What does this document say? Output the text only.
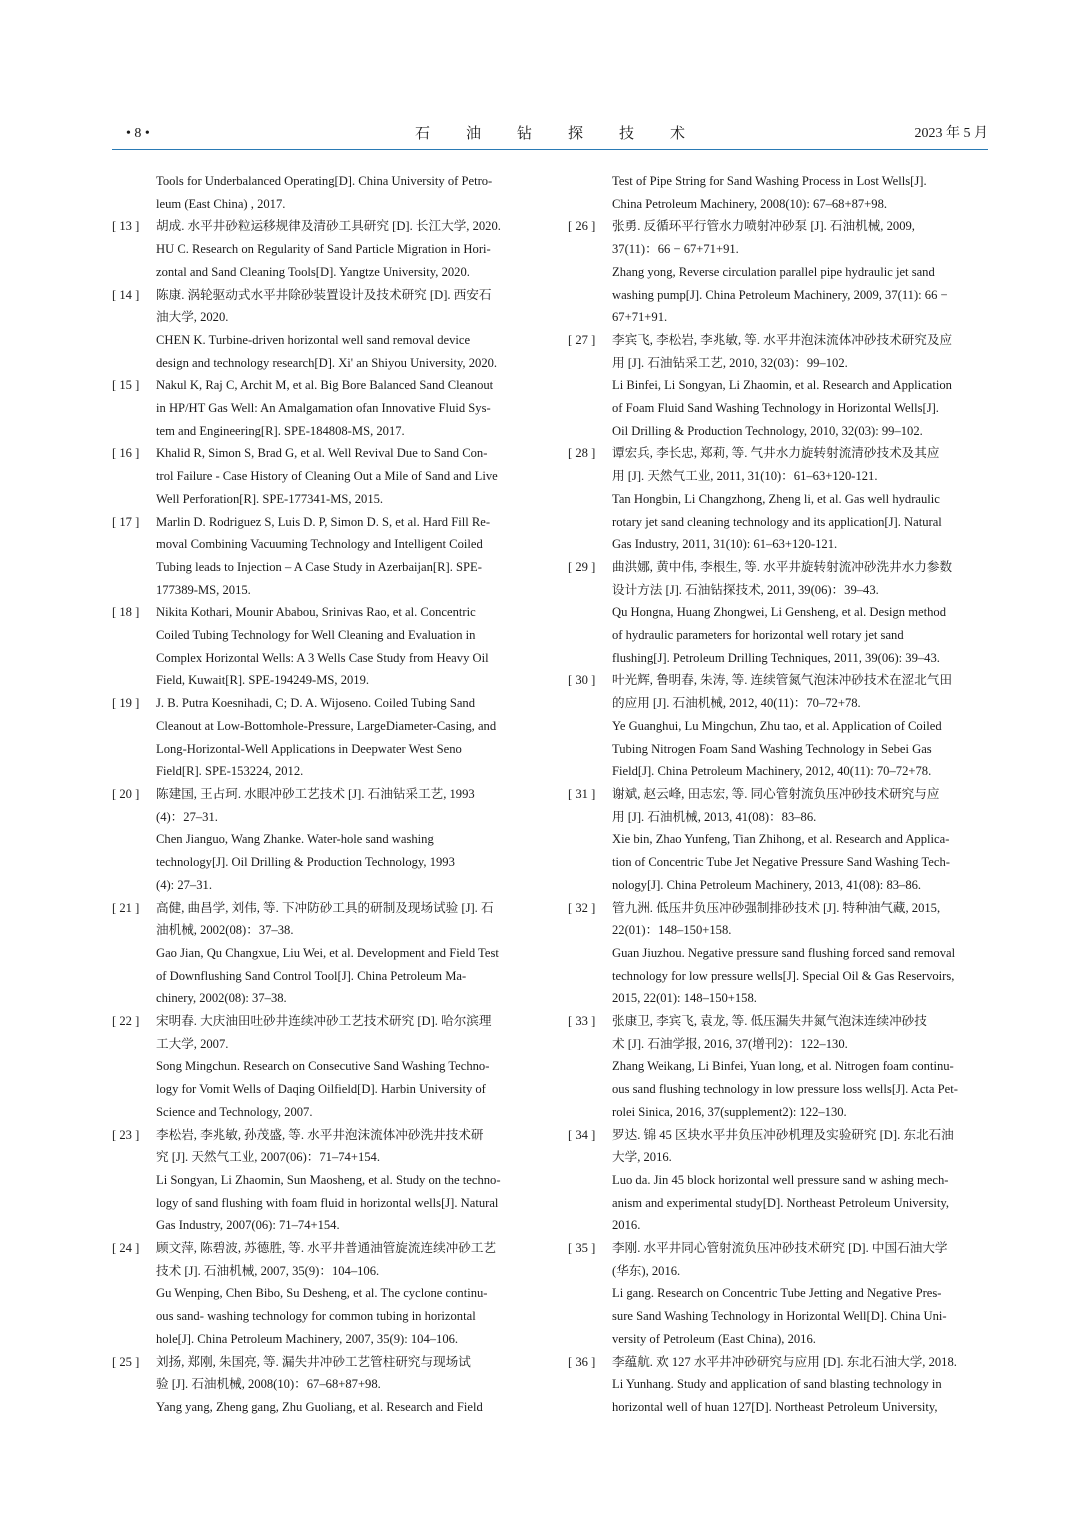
• 8 •	石油钻探技术	2023 年 5 月
Tools for Underbalanced Operating[D]. China University of Petro-
leum (East China) , 2017.
[ 13 ] 胡成. 水平井砂粒运移规律及清砂工具研究 [D]. 长江大学, 2020.
HU C. Research on Regularity of Sand Particle Migration in Hori-
zontal and Sand Cleaning Tools[D]. Yangtze University, 2020.
[ 14 ] 陈康. 涡轮驱动式水平井除砂装置设计及技术研究 [D]. 西安石
油大学, 2020.
CHEN K. Turbine-driven horizontal well sand removal device
design and technology research[D]. Xi' an Shiyou University, 2020.
[ 15 ] Nakul K, Raj C, Archit M, et al. Big Bore Balanced Sand Cleanout
in HP/HT Gas Well: An Amalgamation ofan Innovative Fluid Sys-
tem and Engineering[R]. SPE-184808-MS, 2017.
[ 16 ] Khalid R, Simon S, Brad G, et al. Well Revival Due to Sand Con-
trol Failure - Case History of Cleaning Out a Mile of Sand and Live
Well Perforation[R]. SPE-177341-MS, 2015.
[ 17 ] Marlin D. Rodriguez S, Luis D. P, Simon D. S, et al. Hard Fill Re-
moval Combining Vacuuming Technology and Intelligent Coiled
Tubing leads to Injection – A Case Study in Azerbaijan[R]. SPE-
177389-MS, 2015.
[ 18 ] Nikita Kothari, Mounir Ababou, Srinivas Rao, et al. Concentric
Coiled Tubing Technology for Well Cleaning and Evaluation in
Complex Horizontal Wells: A 3 Wells Case Study from Heavy Oil
Field, Kuwait[R]. SPE-194249-MS, 2019.
[ 19 ] J. B. Putra Koesnihadi, C; D. A. Wijoseno. Coiled Tubing Sand
Cleanout at Low-Bottomhole-Pressure, LargeDiameter-Casing, and
Long-Horizontal-Well Applications in Deepwater West Seno
Field[R]. SPE-153224, 2012.
[ 20 ] 陈建国, 王占珂. 水眼冲砂工艺技术 [J]. 石油钻采工艺, 1993
(4)：27–31.
Chen Jianguo, Wang Zhanke. Water-hole sand washing
technology[J]. Oil Drilling & Production Technology, 1993
(4): 27–31.
[ 21 ] 高健, 曲昌学, 刘伟, 等. 下冲防砂工具的研制及现场试验 [J]. 石
油机械, 2002(08)：37–38.
Gao Jian, Qu Changxue, Liu Wei, et al. Development and Field Test
of Downflushing Sand Control Tool[J]. China Petroleum Ma-
chinery, 2002(08): 37–38.
[ 22 ] 宋明春. 大庆油田吐砂井连续冲砂工艺技术研究 [D]. 哈尔滨理
工大学, 2007.
Song Mingchun. Research on Consecutive Sand Washing Techno-
logy for Vomit Wells of Daqing Oilfield[D]. Harbin University of
Science and Technology, 2007.
[ 23 ] 李松岩, 李兆敏, 孙茂盛, 等. 水平井泡沫流体冲砂洗井技术研
究 [J]. 天然气工业, 2007(06)：71–74+154.
Li Songyan, Li Zhaomin, Sun Maosheng, et al. Study on the techno-
logy of sand flushing with foam fluid in horizontal wells[J]. Natural
Gas Industry, 2007(06): 71–74+154.
[ 24 ] 顾文萍, 陈碧波, 苏德胜, 等. 水平井普通油管旋流连续冲砂工艺
技术 [J]. 石油机械, 2007, 35(9)：104–106.
Gu Wenping, Chen Bibo, Su Desheng, et al. The cyclone continu-
ous sand- washing technology for common tubing in horizontal
hole[J]. China Petroleum Machinery, 2007, 35(9): 104–106.
[ 25 ] 刘扬, 郑刚, 朱国亮, 等. 漏失井冲砂工艺管柱研究与现场试
验 [J]. 石油机械, 2008(10)：67–68+87+98.
Yang yang, Zheng gang, Zhu Guoliang, et al. Research and Field
Test of Pipe String for Sand Washing Process in Lost Wells[J].
China Petroleum Machinery, 2008(10): 67–68+87+98.
[ 26 ] 张勇. 反循环平行管水力喷射冲砂泵 [J]. 石油机械, 2009,
37(11)：66 − 67+71+91.
Zhang yong, Reverse circulation parallel pipe hydraulic jet sand
washing pump[J]. China Petroleum Machinery, 2009, 37(11): 66 −
67+71+91.
[ 27 ] 李宾飞, 李松岩, 李兆敏, 等. 水平井泡沫流体冲砂技术研究及应
用 [J]. 石油钻采工艺, 2010, 32(03)：99–102.
Li Binfei, Li Songyan, Li Zhaomin, et al. Research and Application
of Foam Fluid Sand Washing Technology in Horizontal Wells[J].
Oil Drilling & Production Technology, 2010, 32(03): 99–102.
[ 28 ] 谭宏兵, 李长忠, 郑莉, 等. 气井水力旋转射流清砂技术及其应
用 [J]. 天然气工业, 2011, 31(10)：61–63+120-121.
Tan Hongbin, Li Changzhong, Zheng li, et al. Gas well hydraulic
rotary jet sand cleaning technology and its application[J]. Natural
Gas Industry, 2011, 31(10): 61–63+120-121.
[ 29 ] 曲洪娜, 黄中伟, 李根生, 等. 水平井旋转射流冲砂洗井水力参数
设计方法 [J]. 石油钻探技术, 2011, 39(06)：39–43.
Qu Hongna, Huang Zhongwei, Li Gensheng, et al. Design method
of hydraulic parameters for horizontal well rotary jet sand
flushing[J]. Petroleum Drilling Techniques, 2011, 39(06): 39–43.
[ 30 ] 叶光辉, 鲁明春, 朱涛, 等. 连续管氮气泡沫冲砂技术在涩北气田
的应用 [J]. 石油机械, 2012, 40(11)：70–72+78.
Ye Guanghui, Lu Mingchun, Zhu tao, et al. Application of Coiled
Tubing Nitrogen Foam Sand Washing Technology in Sebei Gas
Field[J]. China Petroleum Machinery, 2012, 40(11): 70–72+78.
[ 31 ] 谢斌, 赵云峰, 田志宏, 等. 同心管射流负压冲砂技术研究与应
用 [J]. 石油机械, 2013, 41(08)：83–86.
Xie bin, Zhao Yunfeng, Tian Zhihong, et al. Research and Applica-
tion of Concentric Tube Jet Negative Pressure Sand Washing Tech-
nology[J]. China Petroleum Machinery, 2013, 41(08): 83–86.
[ 32 ] 管九洲. 低压井负压冲砂强制排砂技术 [J]. 特种油气藏, 2015,
22(01)：148–150+158.
Guan Jiuzhou. Negative pressure sand flushing forced sand removal
technology for low pressure wells[J]. Special Oil & Gas Reservoirs,
2015, 22(01): 148–150+158.
[ 33 ] 张康卫, 李宾飞, 袁龙, 等. 低压漏失井氮气泡沫连续冲砂技
术 [J]. 石油学报, 2016, 37(增刊2)：122–130.
Zhang Weikang, Li Binfei, Yuan long, et al. Nitrogen foam continu-
ous sand flushing technology in low pressure loss wells[J]. Acta Pet-
rolei Sinica, 2016, 37(supplement2): 122–130.
[ 34 ] 罗达. 锦 45 区块水平井负压冲砂机理及实验研究 [D]. 东北石油
大学, 2016.
Luo da. Jin 45 block horizontal well pressure sand w ashing mech-
anism and experimental study[D]. Northeast Petroleum University,
2016.
[ 35 ] 李刚. 水平井同心管射流负压冲砂技术研究 [D]. 中国石油大学
(华东), 2016.
Li gang. Research on Concentric Tube Jetting and Negative Pres-
sure Sand Washing Technology in Horizontal Well[D]. China Uni-
versity of Petroleum (East China), 2016.
[ 36 ] 李蕴航. 欢 127 水平井冲砂研究与应用 [D]. 东北石油大学, 2018.
Li Yunhang. Study and application of sand blasting technology in
horizontal well of huan 127[D]. Northeast Petroleum University,
